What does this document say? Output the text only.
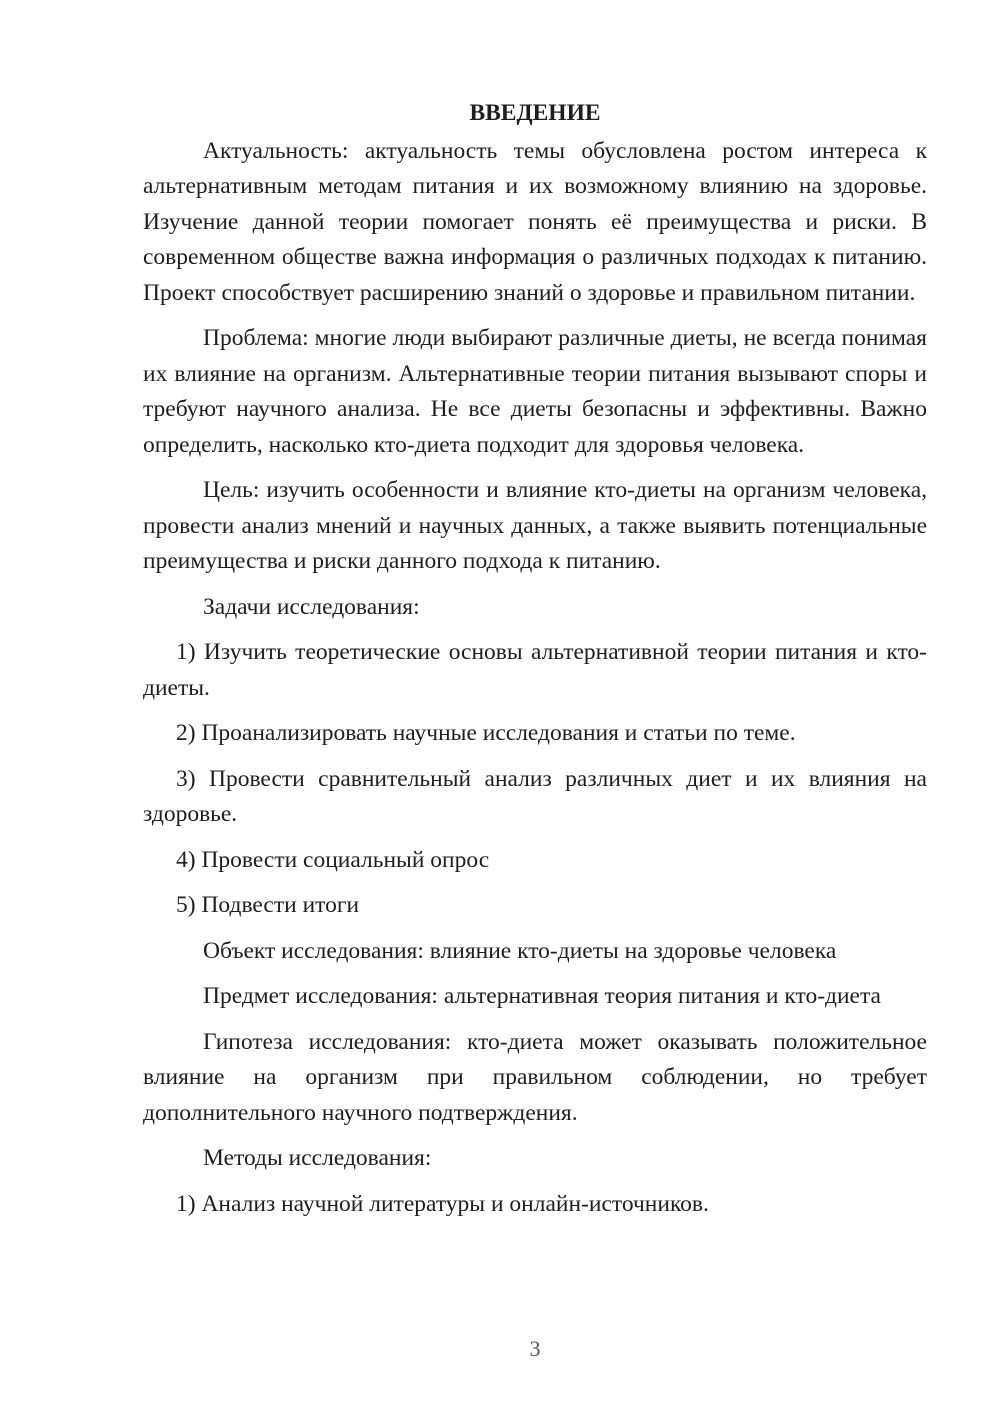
ВВЕДЕНИЕ

Актуальность: актуальность темы обусловлена ростом интереса к альтернативным методам питания и их возможному влиянию на здоровье. Изучение данной теории помогает понять её преимущества и риски. В современном обществе важна информация о различных подходах к питанию. Проект способствует расширению знаний о здоровье и правильном питании.

Проблема: многие люди выбирают различные диеты, не всегда понимая их влияние на организм. Альтернативные теории питания вызывают споры и требуют научного анализа. Не все диеты безопасны и эффективны. Важно определить, насколько кто-диета подходит для здоровья человека.

Цель: изучить особенности и влияние кто-диеты на организм человека, провести анализ мнений и научных данных, а также выявить потенциальные преимущества и риски данного подхода к питанию.

Задачи исследования:

1) Изучить теоретические основы альтернативной теории питания и кто-диеты.

2) Проанализировать научные исследования и статьи по теме.

3) Провести сравнительный анализ различных диет и их влияния на здоровье.

4) Провести социальный опрос

5) Подвести итоги

Объект исследования: влияние кто-диеты на здоровье человека

Предмет исследования: альтернативная теория питания и кто-диета

Гипотеза исследования: кто-диета может оказывать положительное влияние на организм при правильном соблюдении, но требует дополнительного научного подтверждения.

Методы исследования:

1) Анализ научной литературы и онлайн-источников.

3
